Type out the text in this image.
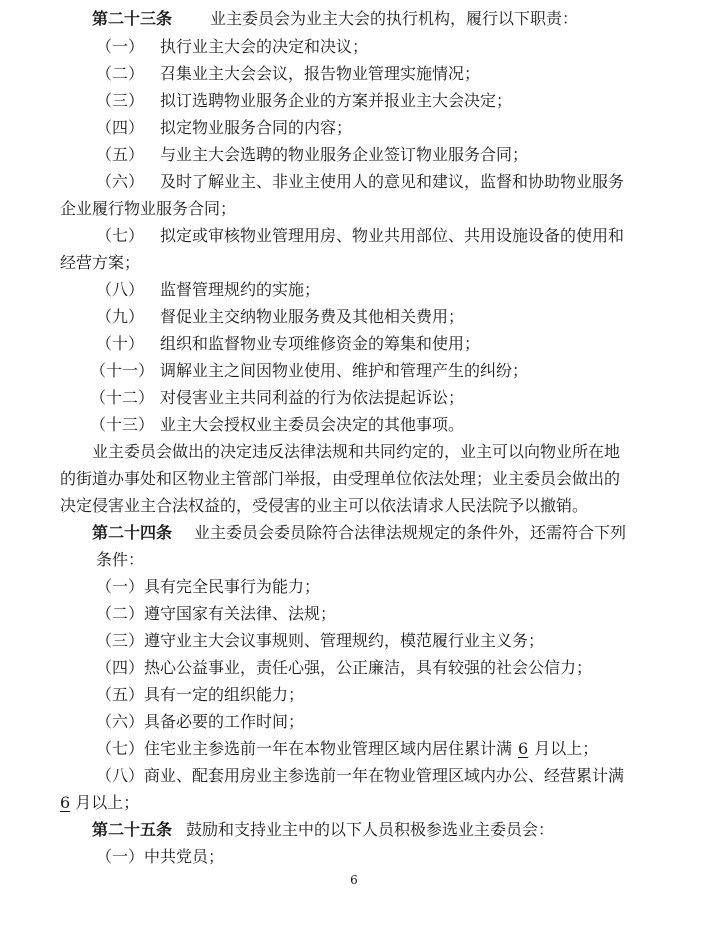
第二十三条 业主委员会为业主大会的执行机构，履行以下职责：
（一） 执行业主大会的决定和决议；
（二） 召集业主大会会议，报告物业管理实施情况；
（三） 拟订选聘物业服务企业的方案并报业主大会决定；
（四） 拟定物业服务合同的内容；
（五） 与业主大会选聘的物业服务企业签订物业服务合同；
（六） 及时了解业主、非业主使用人的意见和建议，监督和协助物业服务
企业履行物业服务合同；
（七） 拟定或审核物业管理用房、物业共用部位、共用设施设备的使用和
经营方案；
（八） 监督管理规约的实施；
（九） 督促业主交纳物业服务费及其他相关费用；
（十） 组织和监督物业专项维修资金的筹集和使用；
（十一） 调解业主之间因物业使用、维护和管理产生的纠纷；
（十二） 对侵害业主共同利益的行为依法提起诉讼；
（十三） 业主大会授权业主委员会决定的其他事项。
业主委员会做出的决定违反法律法规和共同约定的，业主可以向物业所在地
的街道办事处和区物业主管部门举报，由受理单位依法处理；业主委员会做出的
决定侵害业主合法权益的，受侵害的业主可以依法请求人民法院予以撤销。
第二十四条 业主委员会委员除符合法律法规规定的条件外，还需符合下列
条件：
（一）具有完全民事行为能力；
（二）遵守国家有关法律、法规；
（三）遵守业主大会议事规则、管理规约，模范履行业主义务；
（四）热心公益事业，责任心强，公正廉洁，具有较强的社会公信力；
（五）具有一定的组织能力；
（六）具备必要的工作时间；
（七）住宅业主参选前一年在本物业管理区域内居住累计满 6 月以上；
（八）商业、配套用房业主参选前一年在物业管理区域内办公、经营累计满
6 月以上；
第二十五条 鼓励和支持业主中的以下人员积极参选业主委员会：
（一）中共党员；
6
